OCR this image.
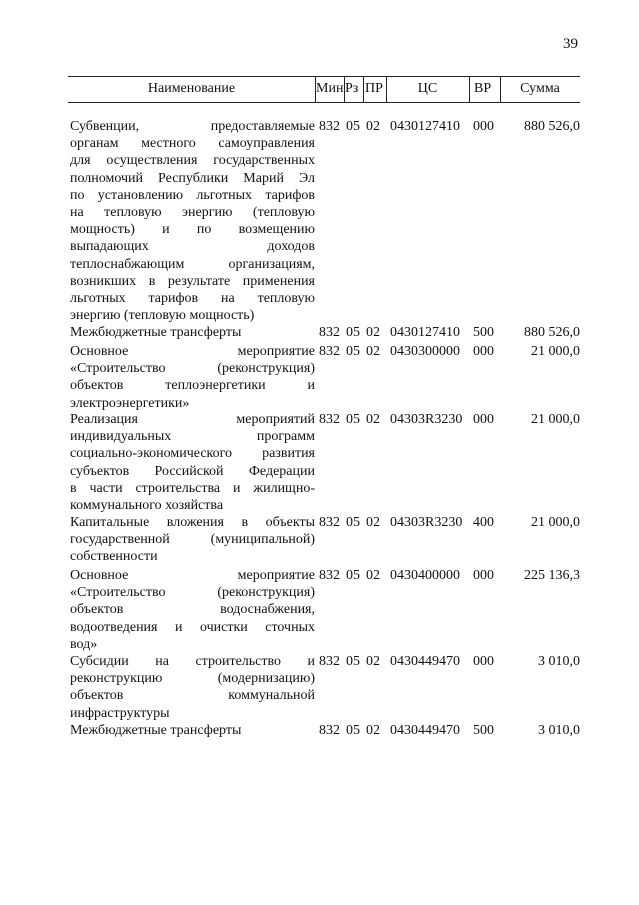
39
Наименование	Мин Рз ПР	ЦС	ВР	Сумма
Субвенции, предоставляемые
органам местного самоуправления
для осуществления государственных
полномочий Республики Марий Эл
по установлению льготных тарифов
на тепловую энергию (тепловую
мощность) и по возмещению
выпадающих доходов
теплоснабжающим организациям,
возникших в результате применения
льготных тарифов на тепловую
энергию (тепловую мощность)
832 05 02 0430127410 000	880 526,0
Межбюджетные трансферты	832 05 02 0430127410 500	880 526,0
Основное мероприятие
«Строительство (реконструкция)
объектов теплоэнергетики и
электроэнергетики»
832 05 02 0430300000 000	21 000,0
Реализация мероприятий
индивидуальных программ
социально-экономического развития
субъектов Российской Федерации
в части строительства и жилищно-
коммунального хозяйства
832 05 02 04303R3230 000	21 000,0
Капитальные вложения в объекты
государственной (муниципальной)
собственности
832 05 02 04303R3230 400	21 000,0
Основное мероприятие
«Строительство (реконструкция)
объектов водоснабжения,
водоотведения и очистки сточных
вод»
832 05 02 0430400000 000	225 136,3
Субсидии на строительство и
реконструкцию (модернизацию)
объектов коммунальной
инфраструктуры
832 05 02 0430449470 000	3 010,0
Межбюджетные трансферты	832 05 02 0430449470 500	3 010,0
